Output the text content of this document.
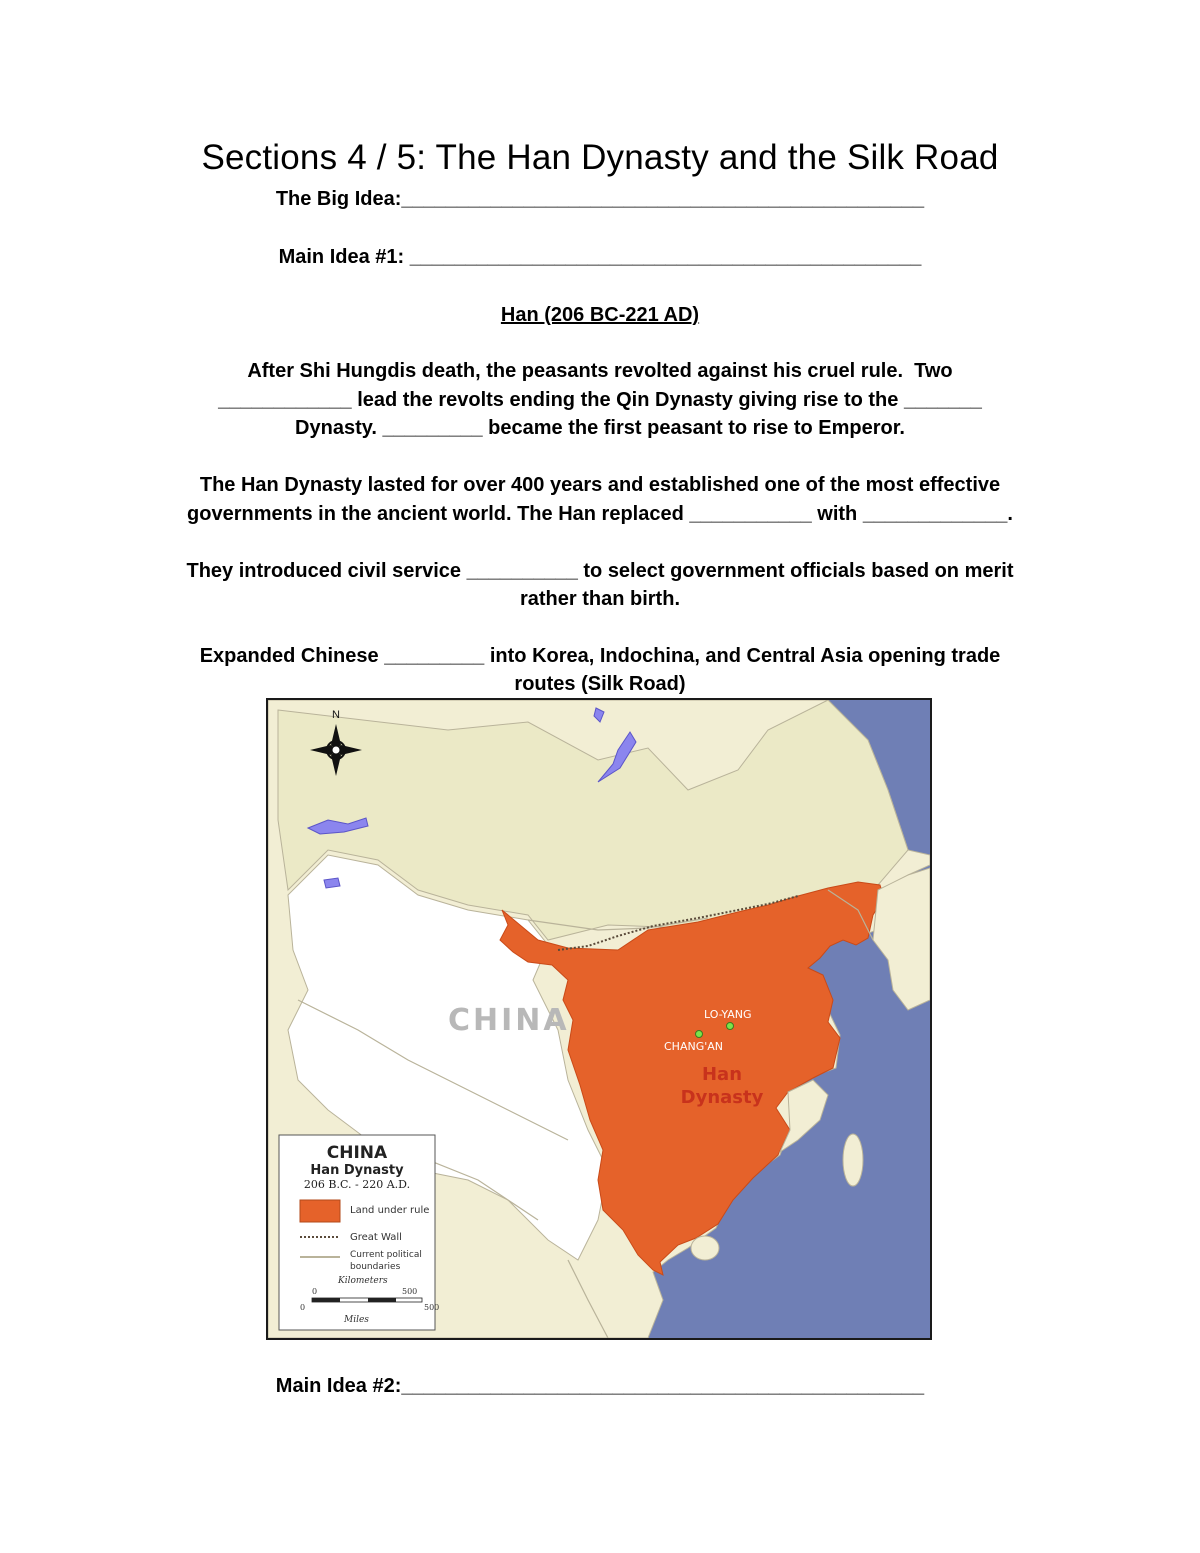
Sections 4 / 5: The Han Dynasty and the Silk Road
The Big Idea:_______________________________________________
Main Idea #1: ______________________________________________
Han (206 BC-221 AD)
After Shi Hungdis death, the peasants revolted against his cruel rule.  Two
____________ lead the revolts ending the Qin Dynasty giving rise to the _______
Dynasty. _________ became the first peasant to rise to Emperor.
The Han Dynasty lasted for over 400 years and established one of the most effective
governments in the ancient world. The Han replaced ___________ with _____________.
They introduced civil service __________ to select government officials based on merit
rather than birth.
Expanded Chinese _________ into Korea, Indochina, and Central Asia opening trade
routes (Silk Road)
N
CHINA	LO-YANG
CHANG'AN
Han
Dynasty
CHINA
Han Dynasty
206 B.C. - 220 A.D.
Land under rule
Great Wall
Current political
boundaries
Kilometers
0	500
0	500
Miles
Main Idea #2:_______________________________________________
